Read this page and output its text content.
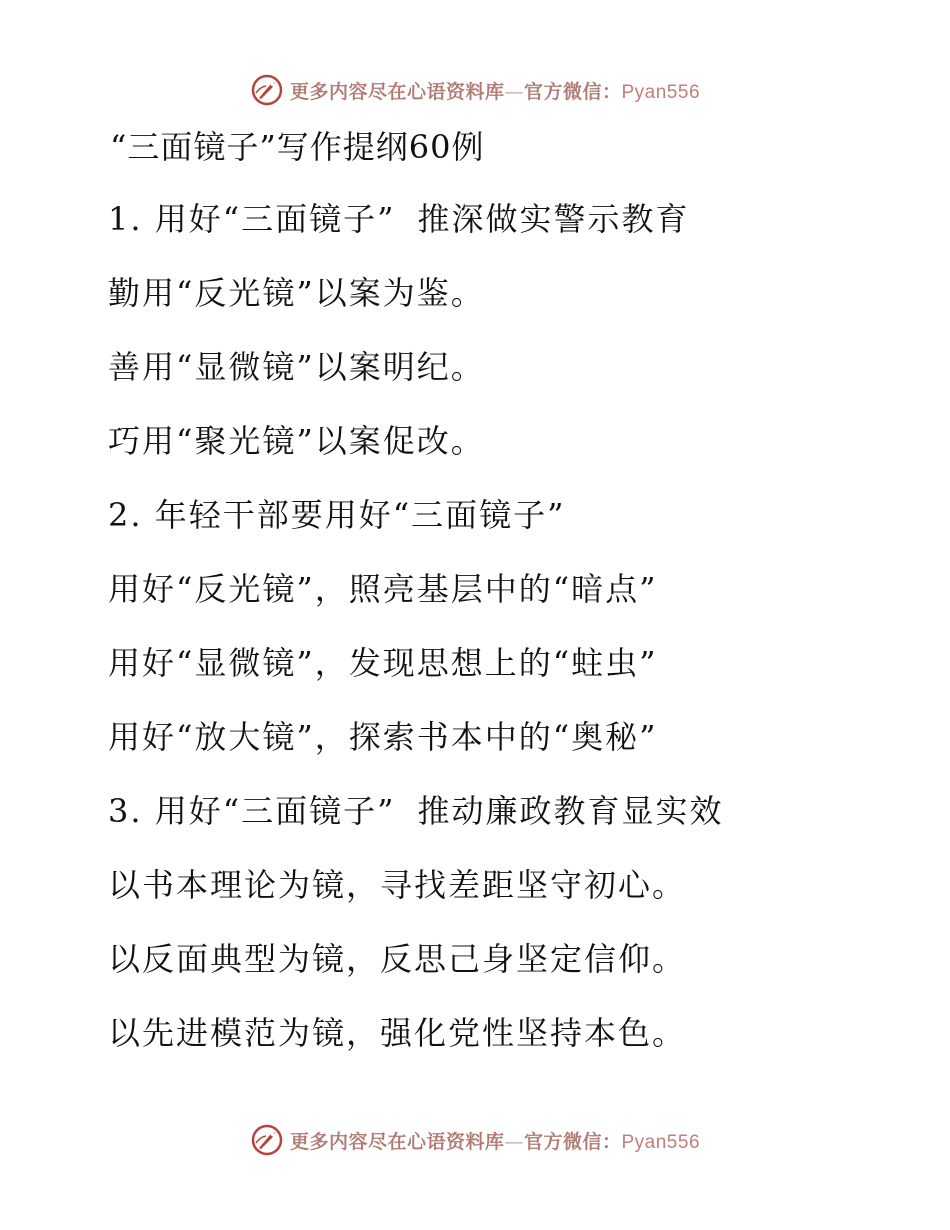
更多内容尽在心语资料库—官方微信：Pyan556
“三面镜子”写作提纲60例
1. 用好“三面镜子” 推深做实警示教育
勤用“反光镜”以案为鉴。
善用“显微镜”以案明纪。
巧用“聚光镜”以案促改。
2. 年轻干部要用好“三面镜子”
用好“反光镜”，照亮基层中的“暗点”
用好“显微镜”，发现思想上的“蛀虫”
用好“放大镜”，探索书本中的“奥秘”
3. 用好“三面镜子” 推动廉政教育显实效
以书本理论为镜，寻找差距坚守初心。
以反面典型为镜，反思己身坚定信仰。
以先进模范为镜，强化党性坚持本色。
更多内容尽在心语资料库—官方微信：Pyan556
